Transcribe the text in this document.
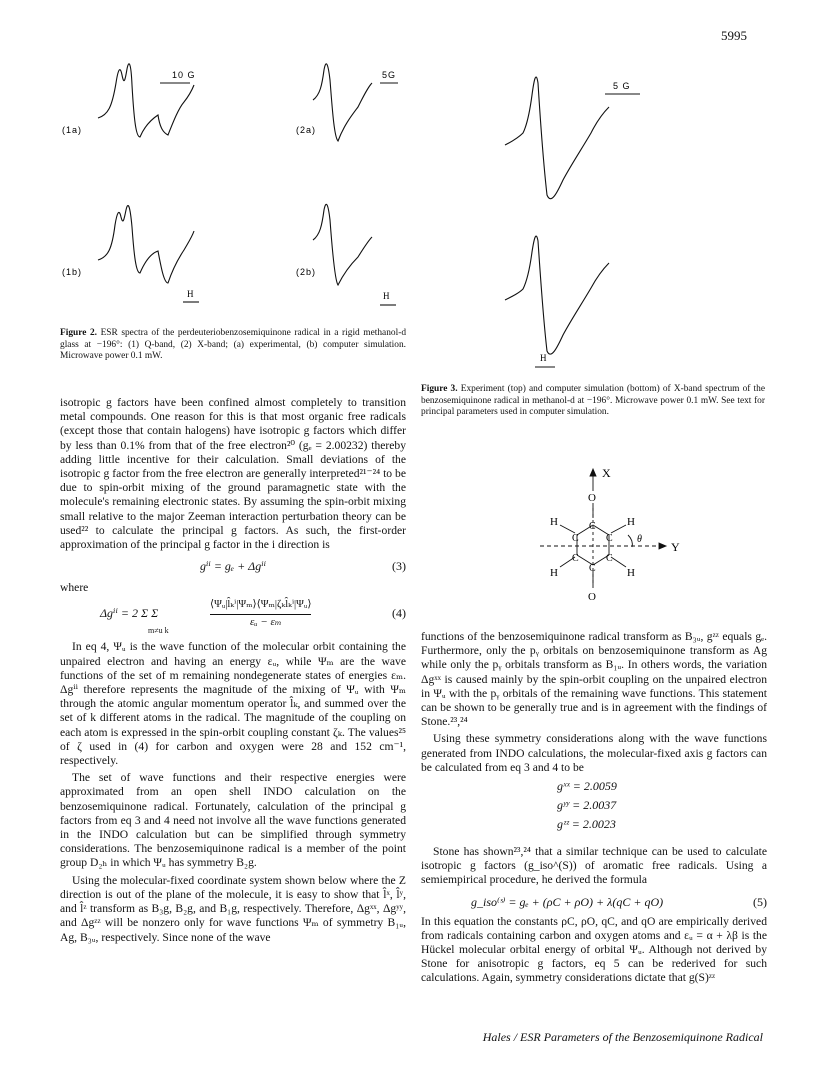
5995
10 G	5G
(1a)	(2a)
(1b)	(2b)
H	H
5 G
H
Figure 2. ESR spectra of the perdeuteriobenzosemiquinone radical in a rigid methanol-d glass at −196°: (1) Q-band, (2) X-band; (a) experimental, (b) computer simulation. Microwave power 0.1 mW.
Figure 3. Experiment (top) and computer simulation (bottom) of X-band spectrum of the benzosemiquinone radical in methanol-d at −196°. Microwave power 0.1 mW. See text for principal parameters used in computer simulation.
X
Y
O
O
H	H
H	H
C
C	C
C	C
C
θ

isotropic g factors have been confined almost completely to transition metal compounds. One reason for this is that most organic free radicals (except those that contain halogens) have isotropic g factors which differ by less than 0.1% from that of the free electron²⁰ (gₑ = 2.00232) thereby adding little incentive for their calculation. Small deviations of the isotropic g factor from the free electron are generally interpreted²¹⁻²⁴ to be due to spin-orbit mixing of the ground paramagnetic state with the molecule's remaining electronic states. By assuming the spin-orbit mixing small relative to the major Zeeman interaction perturbation theory can be used²² to calculate the principal g factors. As such, the first-order approximation of the principal g factor in the i direction is

gⁱⁱ = gₑ + Δgⁱⁱ	(3)

where

Δgⁱⁱ = 2 Σ Σ
m≠u k
⟨Ψᵤ|l̂ₖⁱ|Ψₘ⟩⟨Ψₘ|ζₖl̂ₖⁱ|Ψᵤ⟩
εᵤ − εₘ
(4)

In eq 4, Ψᵤ is the wave function of the molecular orbit containing the unpaired electron and having an energy εᵤ, while Ψₘ are the wave functions of the set of m remaining nondegenerate states of energies εₘ. Δgⁱⁱ therefore represents the magnitude of the mixing of Ψᵤ with Ψₘ through the atomic angular momentum operator l̂ₖ, and summed over the set of k different atoms in the radical. The magnitude of the coupling on each atom is expressed in the spin-orbit coupling constant ζₖ. The values²⁵ of ζ used in (4) for carbon and oxygen were 28 and 152 cm⁻¹, respectively.

The set of wave functions and their respective energies were approximated from an open shell INDO calculation on the benzosemiquinone radical. Fortunately, calculation of the principal g factors from eq 3 and 4 need not involve all the wave functions generated in the INDO calculation but can be simplified through symmetry considerations. The benzosemiquinone radical is a member of the point group D₂ₕ in which Ψᵤ has symmetry B₂g.

Using the molecular-fixed coordinate system shown below where the Z direction is out of the plane of the molecule, it is easy to show that l̂ˣ, l̂ʸ, and l̂ᶻ transform as B₃g, B₂g, and B₁g, respectively. Therefore, Δgˣˣ, Δgʸʸ, and Δgᶻᶻ will be nonzero only for wave functions Ψₘ of symmetry B₁ᵤ, Ag, B₃ᵤ, respectively. Since none of the wave

functions of the benzosemiquinone radical transform as B₃ᵤ, gᶻᶻ equals gₑ. Furthermore, only the pᵧ orbitals on benzosemiquinone transform as Ag while only the pᵧ orbitals transform as B₁ᵤ. In others words, the variation Δgˣˣ is caused mainly by the spin-orbit coupling on the unpaired electron in Ψᵤ with the pᵧ orbitals of the remaining wave functions. This statement can be shown to be generally true and is in agreement with the findings of Stone.²³,²⁴

Using these symmetry considerations along with the wave functions generated from INDO calculations, the molecular-fixed axis g factors can be calculated from eq 3 and 4 to be

gˣˣ = 2.0059
gʸʸ = 2.0037
gᶻᶻ = 2.0023

Stone has shown²³,²⁴ that a similar technique can be used to calculate isotropic g factors (g_iso^(S)) of aromatic free radicals. Using a semiempirical procedure, he derived the formula

g_iso⁽ˢ⁾ = gₑ + (ρC + ρO) + λ(qC + qO)	(5)

In this equation the constants ρC, ρO, qC, and qO are empirically derived from radicals containing carbon and oxygen atoms and εᵤ = α + λβ is the Hückel molecular orbital energy of orbital Ψᵤ. Although not derived by Stone for anisotropic g factors, eq 5 can be rederived for such calculations. Again, symmetry considerations dictate that g(S)ᶻᶻ

Hales / ESR Parameters of the Benzosemiquinone Radical
